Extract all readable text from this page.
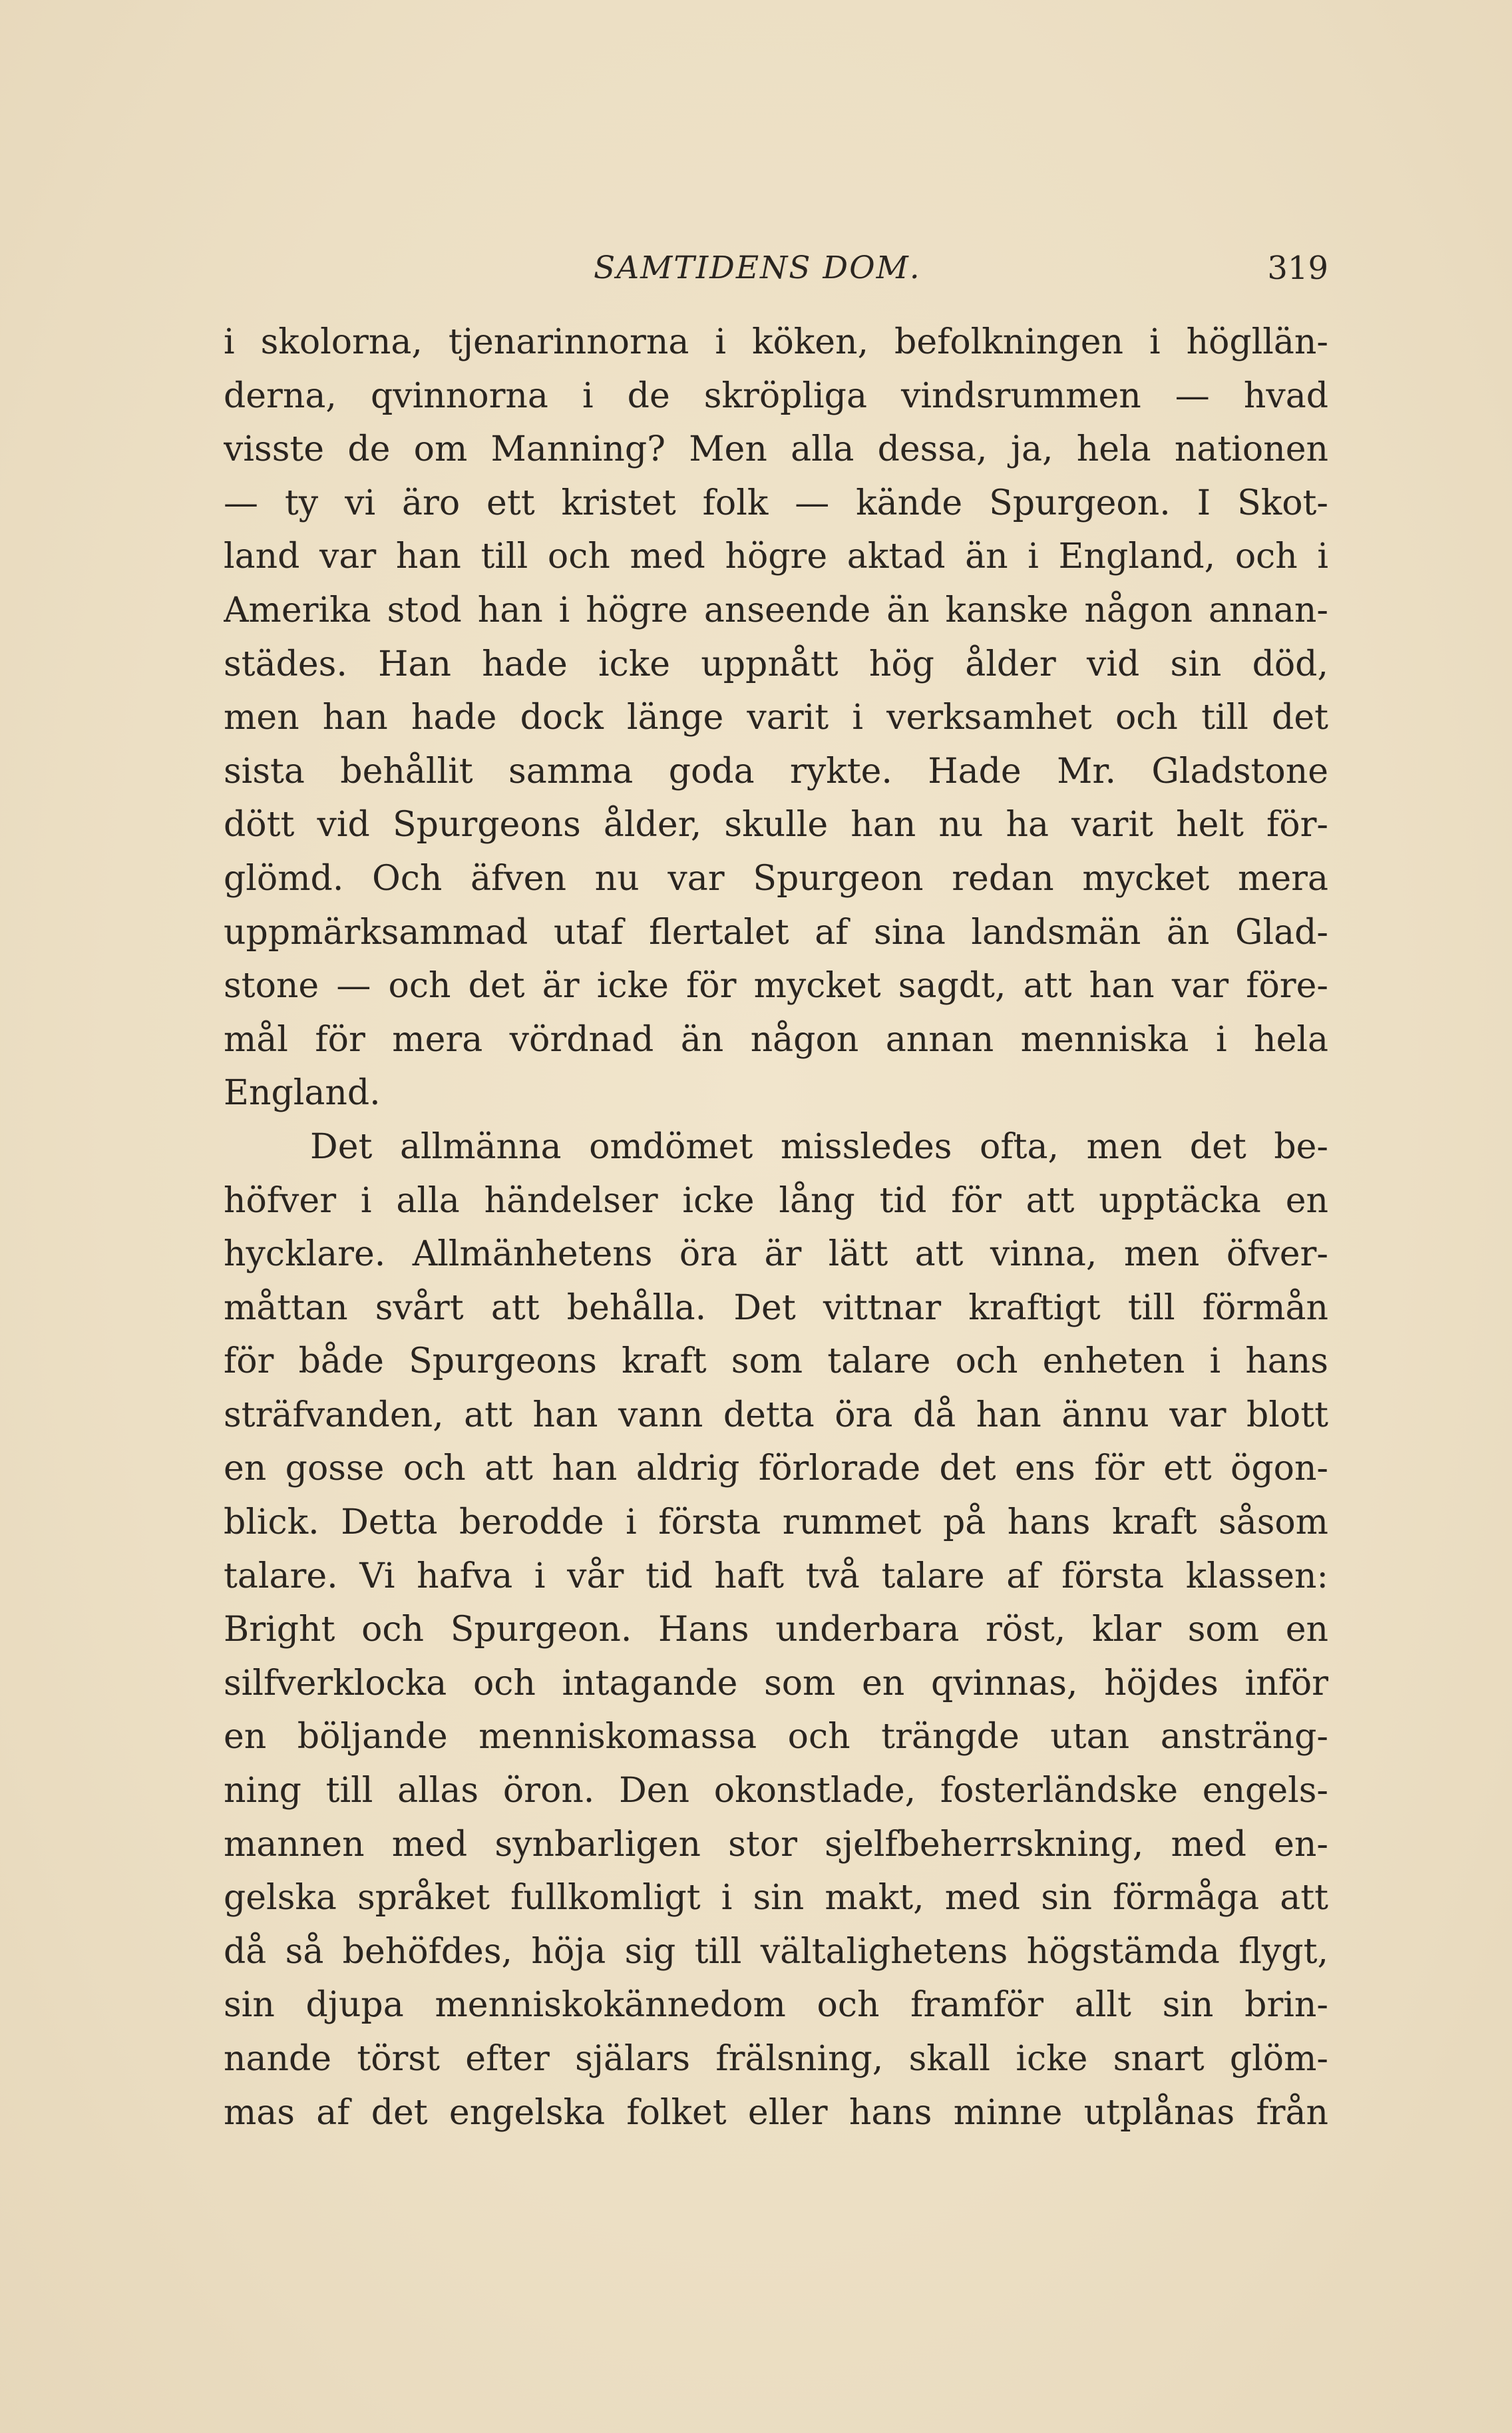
SAMTIDENS DOM.	319
i skolorna, tjenarinnorna i köken, befolkningen i högllän-
derna, qvinnorna i de skröpliga vindsrummen — hvad
visste de om Manning? Men alla dessa, ja, hela nationen
— ty vi äro ett kristet folk — kände Spurgeon. I Skot-
land var han till och med högre aktad än i England, och i
Amerika stod han i högre anseende än kanske någon annan-
städes. Han hade icke uppnått hög ålder vid sin död,
men han hade dock länge varit i verksamhet och till det
sista behållit samma goda rykte. Hade Mr. Gladstone
dött vid Spurgeons ålder, skulle han nu ha varit helt för-
glömd. Och äfven nu var Spurgeon redan mycket mera
uppmärksammad utaf flertalet af sina landsmän än Glad-
stone — och det är icke för mycket sagdt, att han var före-
mål för mera vördnad än någon annan menniska i hela
England.
Det allmänna omdömet missledes ofta, men det be-
höfver i alla händelser icke lång tid för att upptäcka en
hycklare. Allmänhetens öra är lätt att vinna, men öfver-
måttan svårt att behålla. Det vittnar kraftigt till förmån
för både Spurgeons kraft som talare och enheten i hans
sträfvanden, att han vann detta öra då han ännu var blott
en gosse och att han aldrig förlorade det ens för ett ögon-
blick. Detta berodde i första rummet på hans kraft såsom
talare. Vi hafva i vår tid haft två talare af första klassen:
Bright och Spurgeon. Hans underbara röst, klar som en
silfverklocka och intagande som en qvinnas, höjdes inför
en böljande menniskomassa och trängde utan ansträng-
ning till allas öron. Den okonstlade, fosterländske engels-
mannen med synbarligen stor sjelfbeherrskning, med en-
gelska språket fullkomligt i sin makt, med sin förmåga att
då så behöfdes, höja sig till vältalighetens högstämda flygt,
sin djupa menniskokännedom och framför allt sin brin-
nande törst efter själars frälsning, skall icke snart glöm-
mas af det engelska folket eller hans minne utplånas från
